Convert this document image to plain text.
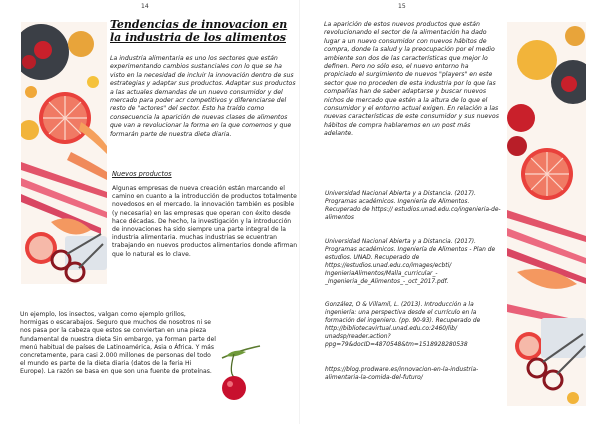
14	15
Tendencias de innovacion en la industria de los alimentos

La industria alimentaria es uno los sectores que están experimentando cambios sustanciales con lo que se ha visto en la necesidad de incluir la innovación dentro de sus estrategias y adaptar sus productos. Adaptar sus productos a las actuales demandas de un nuevo consumidor y del mercado para poder acr competitivos y diferenciarse del resto de "actores" del sector. Esto ha traído como consecuencia la aparición de nuevas clases de alimentos que van a revolucionar la forma en la que comemos y que formarán parte de nuestra dieta diaria.

Nuevos productos

Algunas empresas de nueva creación están marcando el camino en cuanto a la introducción de productos totalmente novedosos en el mercado. la innovación también es posible (y necesaria) en las empresas que operan con éxito desde hace décadas. De hecho, la investigación y la introducción de innovaciones ha sido siempre una parte integral de la industria alimentaria. muchas industrias se ecuentran trabajando en nuevos productos alimentarios donde afirman que lo natural es lo clave.

Un ejemplo, los insectos, valgan como ejemplo grillos, hormigas o escarabajos. Seguro que muchos de nosotros ni se nos pasa por la cabeza que estos se conviertan en una pieza fundamental de nuestra dieta Sin embargo, ya forman parte del menú habitual de países de Latinoamérica, Asia o África. Y más concretamente, para casi 2.000 millones de personas del todo el mundo es parte de la dieta diaria (datos de la feria Hi Europe). La razón se basa en que son una fuente de proteínas.

La aparición de estos nuevos productos que están revolucionando el sector de la alimentación ha dado lugar a un nuevo consumidor con nuevos hábitos de compra, donde la salud y la preocupación por el medio ambiente son dos de las características que mejor lo definen. Pero no sólo eso, el nuevo entorno ha propiciado el surgimiento de nuevos "players" en este sector que no proceden de esta industria por lo que las compañías han de saber adaptarse y buscar nuevos nichos de mercado que estén a la altura de lo que el consumidor y el entorno actual exigen. En relación a las nuevas características de este consumidor y sus nuevos hábitos de compra hablaremos en un post más adelante.

Universidad Nacional Abierta y a Distancia. (2017). Programas académicos. Ingeniería de Alimentos. Recuperado de https:// estudios.unad.edu.co/ingenieria-de-alimentos

Universidad Nacional Abierta y a Distancia. (2017). Programas académicos. Ingeniería de Alimentos - Plan de estudios. UNAD. Recuperado de https://estudios.unad.edu.co/images/ecbti/ IngenieriaAlimentos/Malla_curricular_-_Ingenieria_de_Alimentos_-_oct_2017.pdf.

González, O & Villamil, L. (2013). Introducción a la ingeniería: una perspectiva desde el currículo en la formación del ingeniero. (pp. 90-93). Recuperado de http://bibliotecavirtual.unad.edu.co:2460/lib/ unadsp/reader.action? ppg=79&docID=4870548&tm=1518928280538

https://blog.prodware.es/innovacion-en-la-industria-alimentaria-la-comida-del-futuro/
